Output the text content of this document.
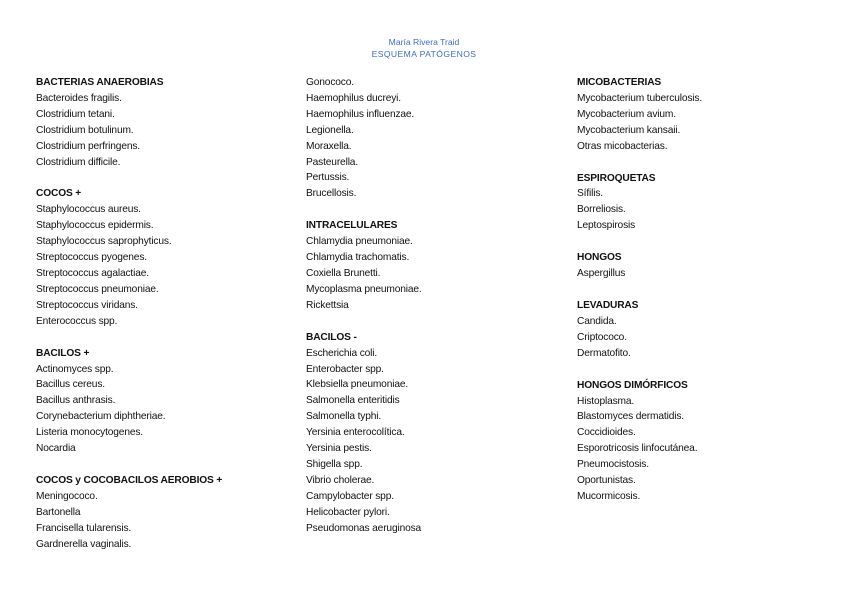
María Rivera Traid
ESQUEMA PATÓGENOS
BACTERIAS ANAEROBIAS
Bacteroides fragilis.
Clostridium tetani.
Clostridium botulinum.
Clostridium perfringens.
Clostridium difficile.
COCOS +
Staphylococcus aureus.
Staphylococcus epidermis.
Staphylococcus saprophyticus.
Streptococcus pyogenes.
Streptococcus agalactiae.
Streptococcus pneumoniae.
Streptococcus viridans.
Enterococcus spp.
BACILOS +
Actinomyces spp.
Bacillus cereus.
Bacillus anthrasis.
Corynebacterium diphtheriae.
Listeria monocytogenes.
Nocardia
COCOS y COCOBACILOS AEROBIOS +
Meningococo.
Bartonella
Francisella tularensis.
Gardnerella vaginalis.
Gonococo.
Haemophilus ducreyi.
Haemophilus influenzae.
Legionella.
Moraxella.
Pasteurella.
Pertussis.
Brucellosis.
INTRACELULARES
Chlamydia pneumoniae.
Chlamydia trachomatis.
Coxiella Brunetti.
Mycoplasma pneumoniae.
Rickettsia
BACILOS -
Escherichia coli.
Enterobacter spp.
Klebsiella pneumoniae.
Salmonella enteritidis
Salmonella typhi.
Yersinia enterocolítica.
Yersinia pestis.
Shigella spp.
Vibrio cholerae.
Campylobacter spp.
Helicobacter pylori.
Pseudomonas aeruginosa
MICOBACTERIAS
Mycobacterium tuberculosis.
Mycobacterium avium.
Mycobacterium kansaii.
Otras micobacterias.
ESPIROQUETAS
Sífilis.
Borreliosis.
Leptospirosis
HONGOS
Aspergillus
LEVADURAS
Candida.
Criptococo.
Dermatofito.
HONGOS DIMÓRFICOS
Histoplasma.
Blastomyces dermatidis.
Coccidioides.
Esporotricosis linfocutánea.
Pneumocistosis.
Oportunistas.
Mucormicosis.
